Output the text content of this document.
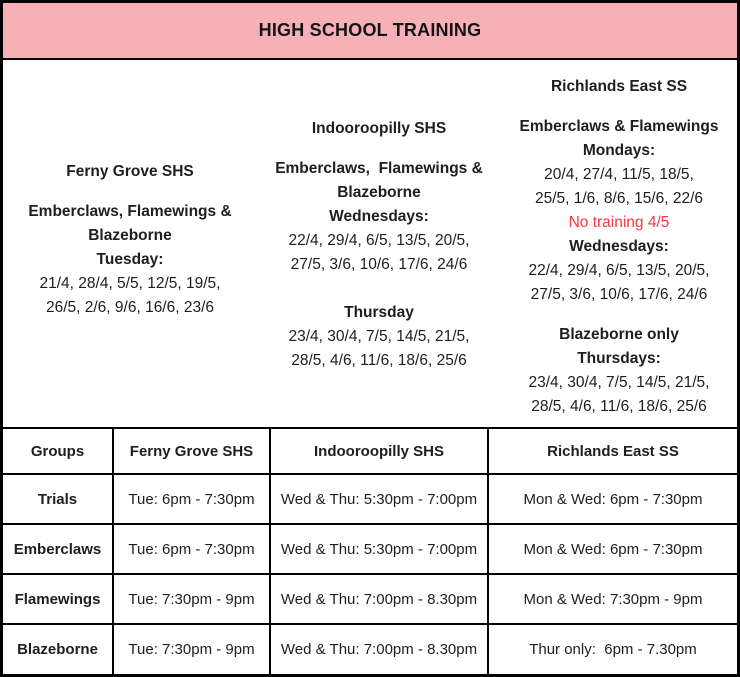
HIGH SCHOOL TRAINING
Ferny Grove SHS
Emberclaws, Flamewings &
Blazeborne
Tuesday:
21/4, 28/4, 5/5, 12/5, 19/5,
26/5, 2/6, 9/6, 16/6, 23/6
Indooroopilly SHS
Emberclaws,  Flamewings &
Blazeborne
Wednesdays:
22/4, 29/4, 6/5, 13/5, 20/5,
27/5, 3/6, 10/6, 17/6, 24/6
Thursday
23/4, 30/4, 7/5, 14/5, 21/5,
28/5, 4/6, 11/6, 18/6, 25/6
Richlands East SS
Emberclaws & Flamewings
Mondays:
20/4, 27/4, 11/5, 18/5,
25/5, 1/6, 8/6, 15/6, 22/6
No training 4/5
Wednesdays:
22/4, 29/4, 6/5, 13/5, 20/5,
27/5, 3/6, 10/6, 17/6, 24/6
Blazeborne only
Thursdays:
23/4, 30/4, 7/5, 14/5, 21/5,
28/5, 4/6, 11/6, 18/6, 25/6
Groups	Ferny Grove SHS	Indooroopilly SHS	Richlands East SS
Trials	Tue: 6pm - 7:30pm	Wed & Thu: 5:30pm - 7:00pm	Mon & Wed: 6pm - 7:30pm
Emberclaws	Tue: 6pm - 7:30pm	Wed & Thu: 5:30pm - 7:00pm	Mon & Wed: 6pm - 7:30pm
Flamewings	Tue: 7:30pm - 9pm	Wed & Thu: 7:00pm - 8.30pm	Mon & Wed: 7:30pm - 9pm
Blazeborne	Tue: 7:30pm - 9pm	Wed & Thu: 7:00pm - 8.30pm	Thur only:  6pm - 7.30pm
